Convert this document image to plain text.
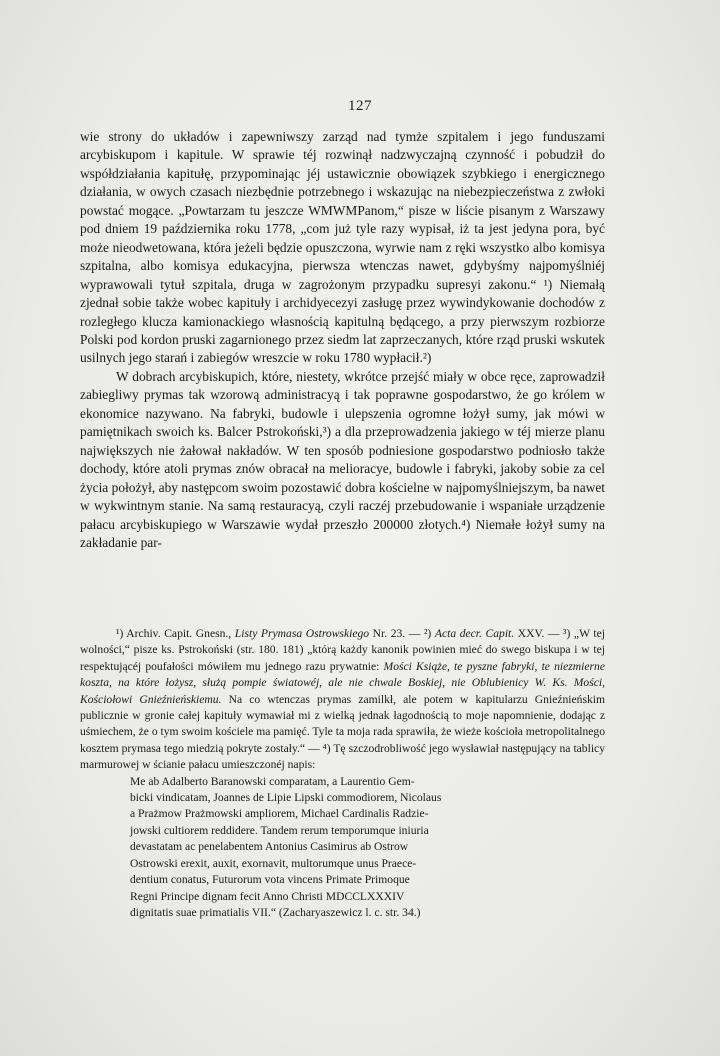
127

wie strony do układów i zapewniwszy zarząd nad tymże szpitalem i jego funduszami arcybiskupom i kapitule. W sprawie téj rozwinął nadzwyczajną czynność i pobudził do współdziałania kapitułę, przypominając jéj ustawicznie obowiązek szybkiego i energicznego działania, w owych czasach niezbędnie potrzebnego i wskazując na niebezpieczeństwa z zwłoki powstać mogące. „Powtarzam tu jeszcze WMWMPanom,“ pisze w liście pisanym z Warszawy pod dniem 19 października roku 1778, „com już tyle razy wypisał, iż ta jest jedyna pora, być może nieodwetowana, która jeżeli będzie opuszczona, wyrwie nam z ręki wszystko albo komisya szpitalna, albo komisya edukacyjna, pierwsza wtenczas nawet, gdybyśmy najpomyślniéj wyprawowali tytuł szpitala, druga w zagrożonym przypadku supresyi zakonu.“ ¹) Niemałą zjednał sobie także wobec kapituły i archidyecezyi zasługę przez wywindykowanie dochodów z rozległego klucza kamionackiego własnością kapitulną będącego, a przy pierwszym rozbiorze Polski pod kordon pruski zagarnionego przez siedm lat zaprzeczanych, które rząd pruski wskutek usilnych jego starań i zabiegów wreszcie w roku 1780 wypłacił.²)

W dobrach arcybiskupich, które, niestety, wkrótce przejść miały w obce ręce, zaprowadził zabiegliwy prymas tak wzorową administracyą i tak poprawne gospodarstwo, że go królem w ekonomice nazywano. Na fabryki, budowle i ulepszenia ogromne łożył sumy, jak mówi w pamiętnikach swoich ks. Balcer Pstrokoński,³) a dla przeprowadzenia jakiego w téj mierze planu największych nie żałował nakładów. W ten sposób podniesione gospodarstwo podniosło także dochody, które atoli prymas znów obracał na melioracye, budowle i fabryki, jakoby sobie za cel życia położył, aby następcom swoim pozostawić dobra kościelne w najpomyślniejszym, ba nawet w wykwintnym stanie. Na samą restauracyą, czyli raczéj przebudowanie i wspaniałe urządzenie pałacu arcybiskupiego w Warszawie wydał przeszło 200000 złotych.⁴) Niemałe łożył sumy na zakładanie par-

¹) Archiv. Capit. Gnesn., Listy Prymasa Ostrowskiego Nr. 23. — ²) Acta decr. Capit. XXV. — ³) „W tej wolności,“ pisze ks. Pstrokoński (str. 180. 181) „którą każdy kanonik powinien mieć do swego biskupa i w tej respektującéj poufałości mówiłem mu jednego razu prywatnie: Mości Książe, te pyszne fabryki, te niezmierne koszta, na które łożysz, służą pompie światowéj, ale nie chwale Boskiej, nie Oblubienicy W. Ks. Mości, Kościołowi Gnieźnieńskiemu. Na co wtenczas prymas zamilkł, ale potem w kapitularzu Gnieźnieńskim publicznie w gronie całej kapituły wymawiał mi z wielką jednak łagodnością to moje napomnienie, dodając z uśmiechem, że o tym swoim kościele ma pamięć. Tyle ta moja rada sprawiła, że wieże kościoła metropolitalnego kosztem prymasa tego miedzią pokryte zostały.“ — ⁴) Tę szczodrobliwość jego wysławiał następujący na tablicy marmurowej w ścianie pałacu umieszczonéj napis:

Me ab Adalberto Baranowski comparatam, a Laurentio Gem-
bicki vindicatam, Joannes de Lipie Lipski commodiorem, Nicolaus
a Prażmow Prażmowski ampliorem, Michael Cardinalis Radzie-
jowski cultiorem reddidere. Tandem rerum temporumque iniuria
devastatam ac penelabentem Antonius Casimirus ab Ostrow
Ostrowski erexit, auxit, exornavit, multorumque unus Praece-
dentium conatus, Futurorum vota vincens Primate Primoque
Regni Principe dignam fecit Anno Christi MDCCLXXXIV
dignitatis suae primatialis VII.“ (Zacharyaszewicz l. c. str. 34.)
